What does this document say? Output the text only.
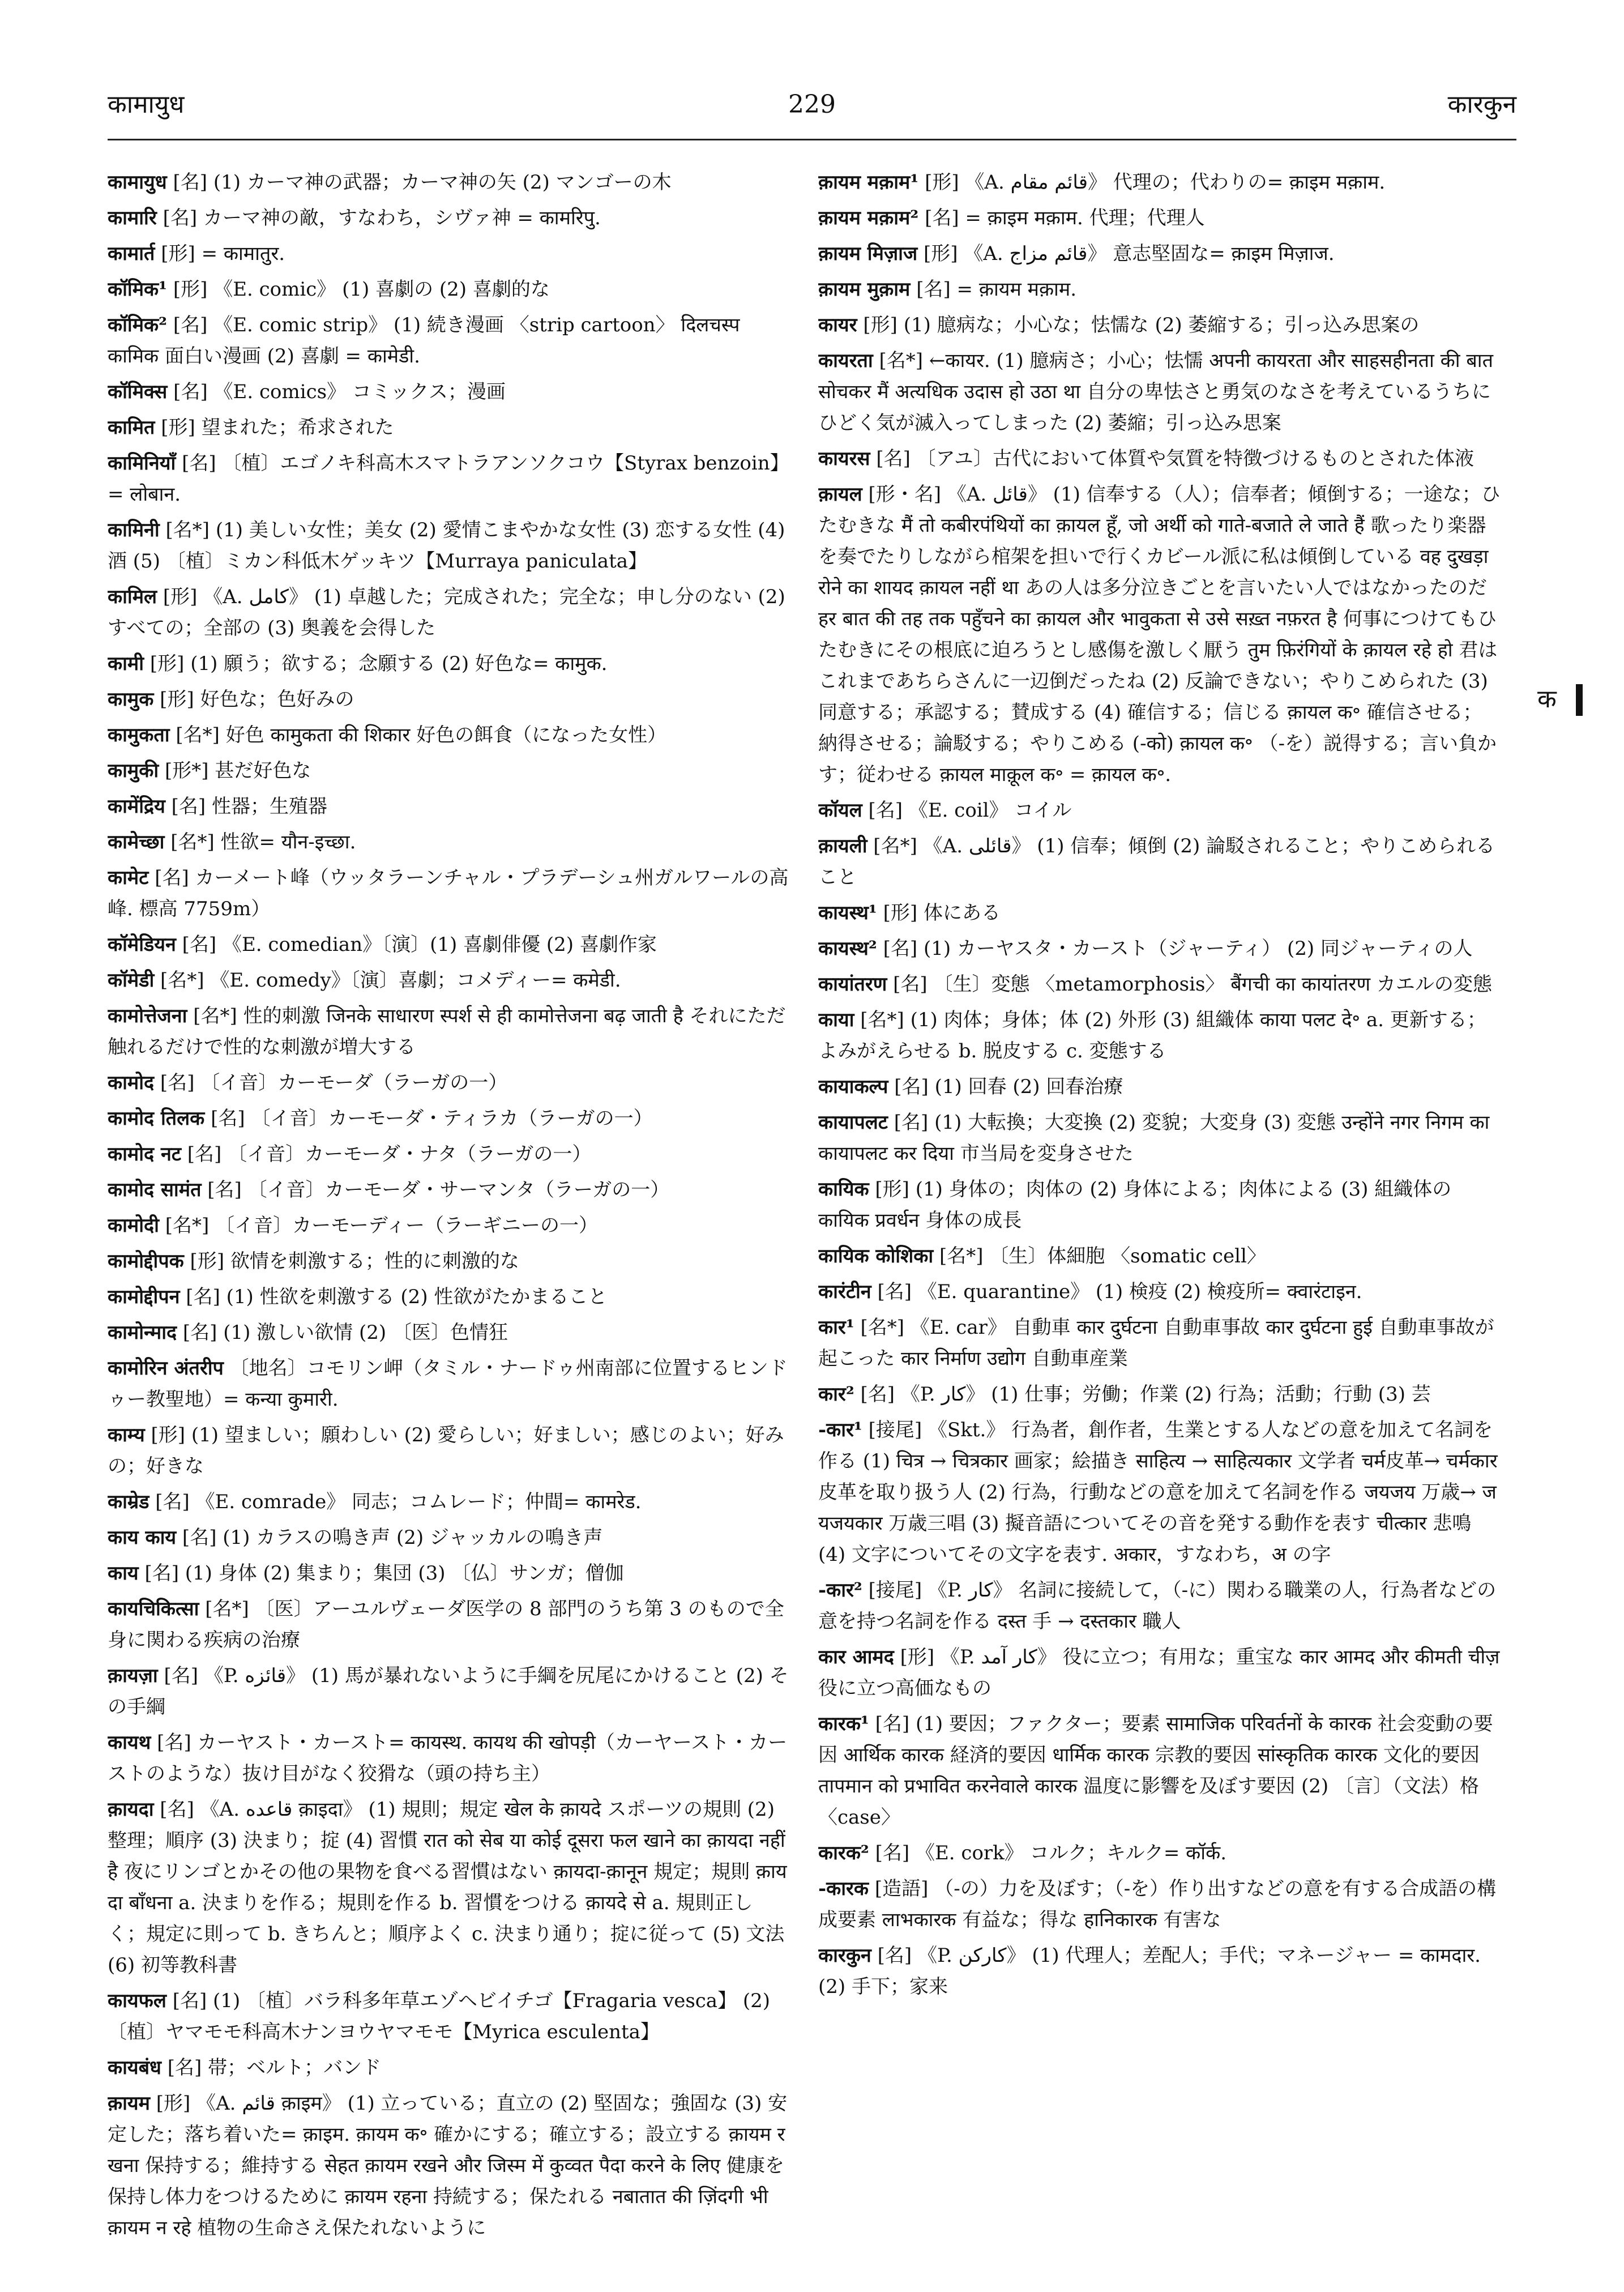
कामायुध	229	कारकुन

कामायुध [名] (1) カーマ神の武器；カーマ神の矢 (2) マンゴーの木

कामारि [名] カーマ神の敵，すなわち，シヴァ神 = कामरिपु.

कामार्त [形] = कामातुर.

कॉमिक¹ [形] 《E. comic》 (1) 喜劇の (2) 喜劇的な

कॉमिक² [名] 《E. comic strip》 (1) 続き漫画 〈strip cartoon〉 दिलचस्प कामिक 面白い漫画 (2) 喜劇 = कामेडी.

कॉमिक्स [名] 《E. comics》 コミックス；漫画

कामित [形] 望まれた；希求された

कामिनियाँ [名] 〔植〕エゴノキ科高木スマトラアンソクコウ【Styrax benzoin】= लोबान.

कामिनी [名*] (1) 美しい女性；美女 (2) 愛情こまやかな女性 (3) 恋する女性 (4) 酒 (5) 〔植〕ミカン科低木ゲッキツ【Murraya paniculata】

कामिल [形] 《A. كامل》 (1) 卓越した；完成された；完全な；申し分のない (2) すべての；全部の (3) 奥義を会得した

कामी [形] (1) 願う；欲する；念願する (2) 好色な= कामुक.

कामुक [形] 好色な；色好みの

कामुकता [名*] 好色 कामुकता की शिकार 好色の餌食（になった女性）

कामुकी [形*] 甚だ好色な

कामेंद्रिय [名] 性器；生殖器

कामेच्छा [名*] 性欲= यौन-इच्छा.

कामेट [名] カーメート峰（ウッタラーンチャル・プラデーシュ州ガルワールの高峰. 標高 7759m）

कॉमेडियन [名] 《E. comedian》〔演〕(1) 喜劇俳優 (2) 喜劇作家

कॉमेडी [名*] 《E. comedy》〔演〕喜劇；コメディー= कमेडी.

कामोत्तेजना [名*] 性的刺激 जिनके साधारण स्पर्श से ही कामोत्तेजना बढ़ जाती है それにただ触れるだけで性的な刺激が増大する

कामोद [名] 〔イ音〕カーモーダ（ラーガの一）

कामोद तिलक [名] 〔イ音〕カーモーダ・ティラカ（ラーガの一）

कामोद नट [名] 〔イ音〕カーモーダ・ナタ（ラーガの一）

कामोद सामंत [名] 〔イ音〕カーモーダ・サーマンタ（ラーガの一）

कामोदी [名*] 〔イ音〕カーモーディー（ラーギニーの一）

कामोद्दीपक [形] 欲情を刺激する；性的に刺激的な

कामोद्दीपन [名] (1) 性欲を刺激する (2) 性欲がたかまること

कामोन्माद [名] (1) 激しい欲情 (2) 〔医〕色情狂

कामोरिन अंतरीप 〔地名〕コモリン岬（タミル・ナードゥ州南部に位置するヒンドゥー教聖地）= कन्या कुमारी.

काम्य [形] (1) 望ましい；願わしい (2) 愛らしい；好ましい；感じのよい；好みの；好きな

काम्रेड [名] 《E. comrade》 同志；コムレード；仲間= कामरेड.

काय काय [名] (1) カラスの鳴き声 (2) ジャッカルの鳴き声

काय [名] (1) 身体 (2) 集まり；集団 (3) 〔仏〕サンガ；僧伽

कायचिकित्सा [名*] 〔医〕アーユルヴェーダ医学の 8 部門のうち第 3 のもので全身に関わる疾病の治療

क़ायज़ा [名] 《P. قائزه》 (1) 馬が暴れないように手綱を尻尾にかけること (2) その手綱

कायथ [名] カーヤスト・カースト= कायस्थ. कायथ की खोपड़ी（カーヤースト・カーストのような）抜け目がなく狡猾な（頭の持ち主）

क़ायदा [名] 《A. قاعده क़ाइदा》 (1) 規則；規定 खेल के क़ायदे スポーツの規則 (2) 整理；順序 (3) 決まり；掟 (4) 習慣 रात को सेब या कोई दूसरा फल खाने का क़ायदा नहीं है 夜にリンゴとかその他の果物を食べる習慣はない क़ायदा-क़ानून 規定；規則 क़ायदा बाँधना a. 決まりを作る；規則を作る b. 習慣をつける क़ायदे से a. 規則正しく；規定に則って b. きちんと；順序よく c. 決まり通り；掟に従って (5) 文法 (6) 初等教科書

कायफल [名] (1) 〔植〕バラ科多年草エゾヘビイチゴ【Fragaria vesca】 (2) 〔植〕ヤマモモ科高木ナンヨウヤマモモ【Myrica esculenta】

कायबंध [名] 帯；ベルト；バンド

क़ायम [形] 《A. قائم क़ाइम》 (1) 立っている；直立の (2) 堅固な；強固な (3) 安定した；落ち着いた= क़ाइम. क़ायम क॰ 確かにする；確立する；設立する क़ायम रखना 保持する；維持する सेहत क़ायम रखने और जिस्म में कुव्वत पैदा करने के लिए 健康を保持し体力をつけるために क़ायम रहना 持続する；保たれる नबातात की ज़िंदगी भी क़ायम न रहे 植物の生命さえ保たれないように

क़ायम मक़ाम¹ [形] 《A. قائم مقام》 代理の；代わりの= क़ाइम मक़ाम.

क़ायम मक़ाम² [名] = क़ाइम मक़ाम. 代理；代理人

क़ायम मिज़ाज [形] 《A. قائم مزاج》 意志堅固な= क़ाइम मिज़ाज.

क़ायम मुक़ाम [名] = क़ायम मक़ाम.

कायर [形] (1) 臆病な；小心な；怯懦な (2) 萎縮する；引っ込み思案の

कायरता [名*] ←कायर. (1) 臆病さ；小心；怯懦 अपनी कायरता और साहसहीनता की बात सोचकर मैं अत्यधिक उदास हो उठा था 自分の卑怯さと勇気のなさを考えているうちにひどく気が滅入ってしまった (2) 萎縮；引っ込み思案

कायरस [名] 〔アユ〕古代において体質や気質を特徴づけるものとされた体液

क़ायल [形・名] 《A. قائل》 (1) 信奉する（人）；信奉者；傾倒する；一途な；ひたむきな मैं तो कबीरपंथियों का क़ायल हूँ, जो अर्थी को गाते-बजाते ले जाते हैं 歌ったり楽器を奏でたりしながら棺架を担いで行くカビール派に私は傾倒している वह दुखड़ा रोने का शायद क़ायल नहीं था あの人は多分泣きごとを言いたい人ではなかったのだ हर बात की तह तक पहुँचने का क़ायल और भावुकता से उसे सख़्त नफ़रत है 何事につけてもひたむきにその根底に迫ろうとし感傷を激しく厭う तुम फ़िरंगियों के क़ायल रहे हो 君はこれまであちらさんに一辺倒だったね (2) 反論できない；やりこめられた (3) 同意する；承認する；賛成する (4) 確信する；信じる क़ायल क॰ 確信させる；納得させる；論駁する；やりこめる (-को) क़ायल क॰ （-を）説得する；言い負かす；従わせる क़ायल माक़ूल क॰ = क़ायल क॰.

कॉयल [名] 《E. coil》 コイル

क़ायली [名*] 《A. قائلى》 (1) 信奉；傾倒 (2) 論駁されること；やりこめられること

कायस्थ¹ [形] 体にある

कायस्थ² [名] (1) カーヤスタ・カースト（ジャーティ） (2) 同ジャーティの人

कायांतरण [名] 〔生〕変態 〈metamorphosis〉 बैंगची का कायांतरण カエルの変態

काया [名*] (1) 肉体；身体；体 (2) 外形 (3) 組織体 काया पलट दे॰ a. 更新する；よみがえらせる b. 脱皮する c. 変態する

कायाकल्प [名] (1) 回春 (2) 回春治療

कायापलट [名] (1) 大転換；大変換 (2) 変貌；大変身 (3) 変態 उन्होंने नगर निगम का कायापलट कर दिया 市当局を変身させた

कायिक [形] (1) 身体の；肉体の (2) 身体による；肉体による (3) 組織体の कायिक प्रवर्धन 身体の成長

कायिक कोशिका [名*] 〔生〕体細胞 〈somatic cell〉

कारंटीन [名] 《E. quarantine》 (1) 検疫 (2) 検疫所= क्वारंटाइन.

कार¹ [名*] 《E. car》 自動車 कार दुर्घटना 自動車事故 कार दुर्घटना हुई 自動車事故が起こった कार निर्माण उद्योग 自動車産業

कार² [名] 《P. کار》 (1) 仕事；労働；作業 (2) 行為；活動；行動 (3) 芸

-कार¹ [接尾] 《Skt.》 行為者，創作者，生業とする人などの意を加えて名詞を作る (1) चित्र → चित्रकार 画家；絵描き साहित्य → साहित्यकार 文学者 चर्म皮革→ चर्मकार 皮革を取り扱う人 (2) 行為，行動などの意を加えて名詞を作る जयजय 万歳→ जयजयकार 万歳三唱 (3) 擬音語についてその音を発する動作を表す चीत्कार 悲鳴 (4) 文字についてその文字を表す. अकार，すなわち，अ の字

-कार² [接尾] 《P. کار》 名詞に接続して，（-に）関わる職業の人，行為者などの意を持つ名詞を作る दस्त 手 → दस्तकार 職人

कार आमद [形] 《P. کار آمد》 役に立つ；有用な；重宝な कार आमद और कीमती चीज़ 役に立つ高価なもの

कारक¹ [名] (1) 要因；ファクター；要素 सामाजिक परिवर्तनों के कारक 社会変動の要因 आर्थिक कारक 経済的要因 धार्मिक कारक 宗教的要因 सांस्कृतिक कारक 文化的要因 तापमान को प्रभावित करनेवाले कारक 温度に影響を及ぼす要因 (2) 〔言〕（文法）格 〈case〉

कारक² [名] 《E. cork》 コルク；キルク= कॉर्क.

-कारक [造語] （-の）力を及ぼす；（-を）作り出すなどの意を有する合成語の構成要素 लाभकारक 有益な；得な हानिकारक 有害な

कारकुन [名] 《P. کارکن》 (1) 代理人；差配人；手代；マネージャー = कामदार. (2) 手下；家来

क
